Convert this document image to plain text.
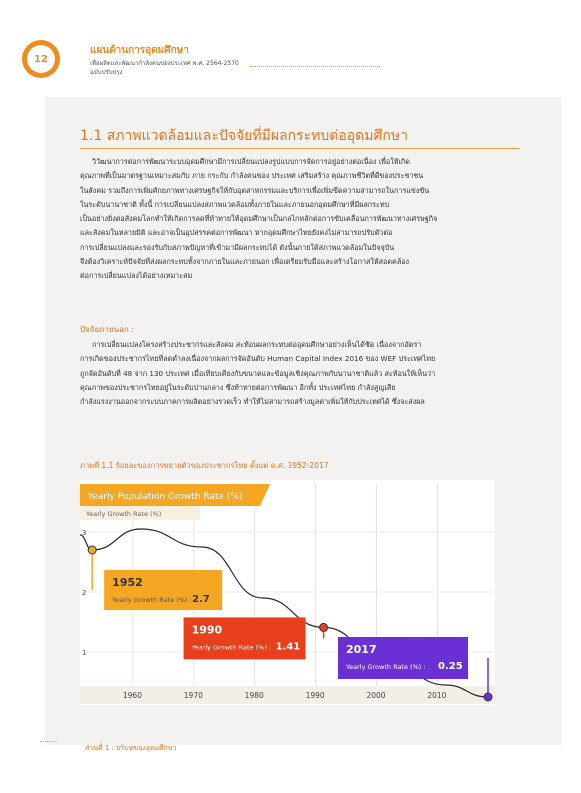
12
แผนด้านการอุดมศึกษา
เพื่อผลิตและพัฒนากำลังคนของประเทศ พ.ศ. 2564-2570
ฉบับปรับปรุง
1.1 สภาพแวดล้อมและปัจจัยที่มีผลกระทบต่ออุดมศึกษา
วิวัฒนาการต่อการพัฒนาระบบอุดมศึกษามีการเปลี่ยนแปลงรูปแบบการจัดการอยู่อย่างต่อเนื่อง เพื่อให้เกิด
คุณภาพที่เป็นมาตรฐานเหมาะสมกับ ภาย กระกับ กำลังคนของ ประเทศ เสริมสร้าง คุณภาพชีวิตที่ดีของประชาชน
ในสังคม รวมถึงการเพิ่มศักยภาพทางเศรษฐกิจให้กับอุตสาหกรรมและบริการเพื่อเพิ่มขีดความสามารถในการแข่งขัน
ในระดับนานาชาติ ทั้งนี้ การเปลี่ยนแปลงสภาพแวดล้อมทั้งภายในและภายนอกอุดมศึกษาที่มีผลกระทบ
เป็นอย่างยิ่งต่อสังคมโลกทำให้เกิดการลดที่ท้าทายให้อุดมศึกษาเป็นกลไกหลักต่อการขับเคลื่อนการพัฒนาทางเศรษฐกิจ
และสังคมในหลายมิติ และอาจเป็นอุปสรรคต่อการพัฒนา หากอุดมศึกษาไทยยังคงไม่สามารถปรับตัวต่อ
การเปลี่ยนแปลงและรองรับกับสภาพปัญหาที่เข้ามามีผลกระทบได้ ดังนั้นภายใต้สภาพแวดล้อมในปัจจุบัน
จึงต้องวิเคราะห์ปัจจัยที่ส่งผลกระทบทั้งจากภายในและภายนอก เพื่อเตรียมรับมือและสร้างโอกาสให้สอดคล้อง
ต่อการเปลี่ยนแปลงได้อย่างเหมาะสม
ปัจจัยภายนอก :
การเปลี่ยนแปลงโครงสร้างประชากรและสังคม สะท้อนผลกระทบต่ออุดมศึกษาอย่างเห็นได้ชัด เนื่องจากอัตรา
การเกิดของประชากรไทยที่ลดต่ำลงเนื่องจากผลการจัดอันดับ Human Capital Index 2016 ของ WEF ประเทศไทย
ถูกจัดอันดับที่ 48 จาก 130 ประเทศ เมื่อเทียบเคียงกับขนาดและข้อมูลเชิงคุณภาพกับนานาชาติแล้ว สะท้อนให้เห็นว่า
คุณภาพของประชากรไทยอยู่ในระดับปานกลาง ซึ่งท้าทายต่อการพัฒนา อีกทั้ง ประเทศไทย กำลังสูญเสีย
กำลังแรงงานออกจากระบบภาคการผลิตอย่างรวดเร็ว ทำให้ไม่สามารถสร้างมูลค่าเพิ่มให้กับประเทศได้ ซึ่งจะส่งผล
ภาพที่ 1.1 ร้อยละของการขยายตัวของประชากรไทย ตั้งแต่ ค.ศ. 1952-2017
Yearly Population Growth Rate (%)
Yearly Growth Rate (%)
1
2
3
1960	1970	1980	1990	2000	2010
1952
Yearly Growth Rate (%) : 2.7
1990
Yearly Growth Rate (%) : 1.41	2017
Yearly Growth Rate (%) : 0.25
ส่วนที่ 1 : บริบทของอุดมศึกษา
